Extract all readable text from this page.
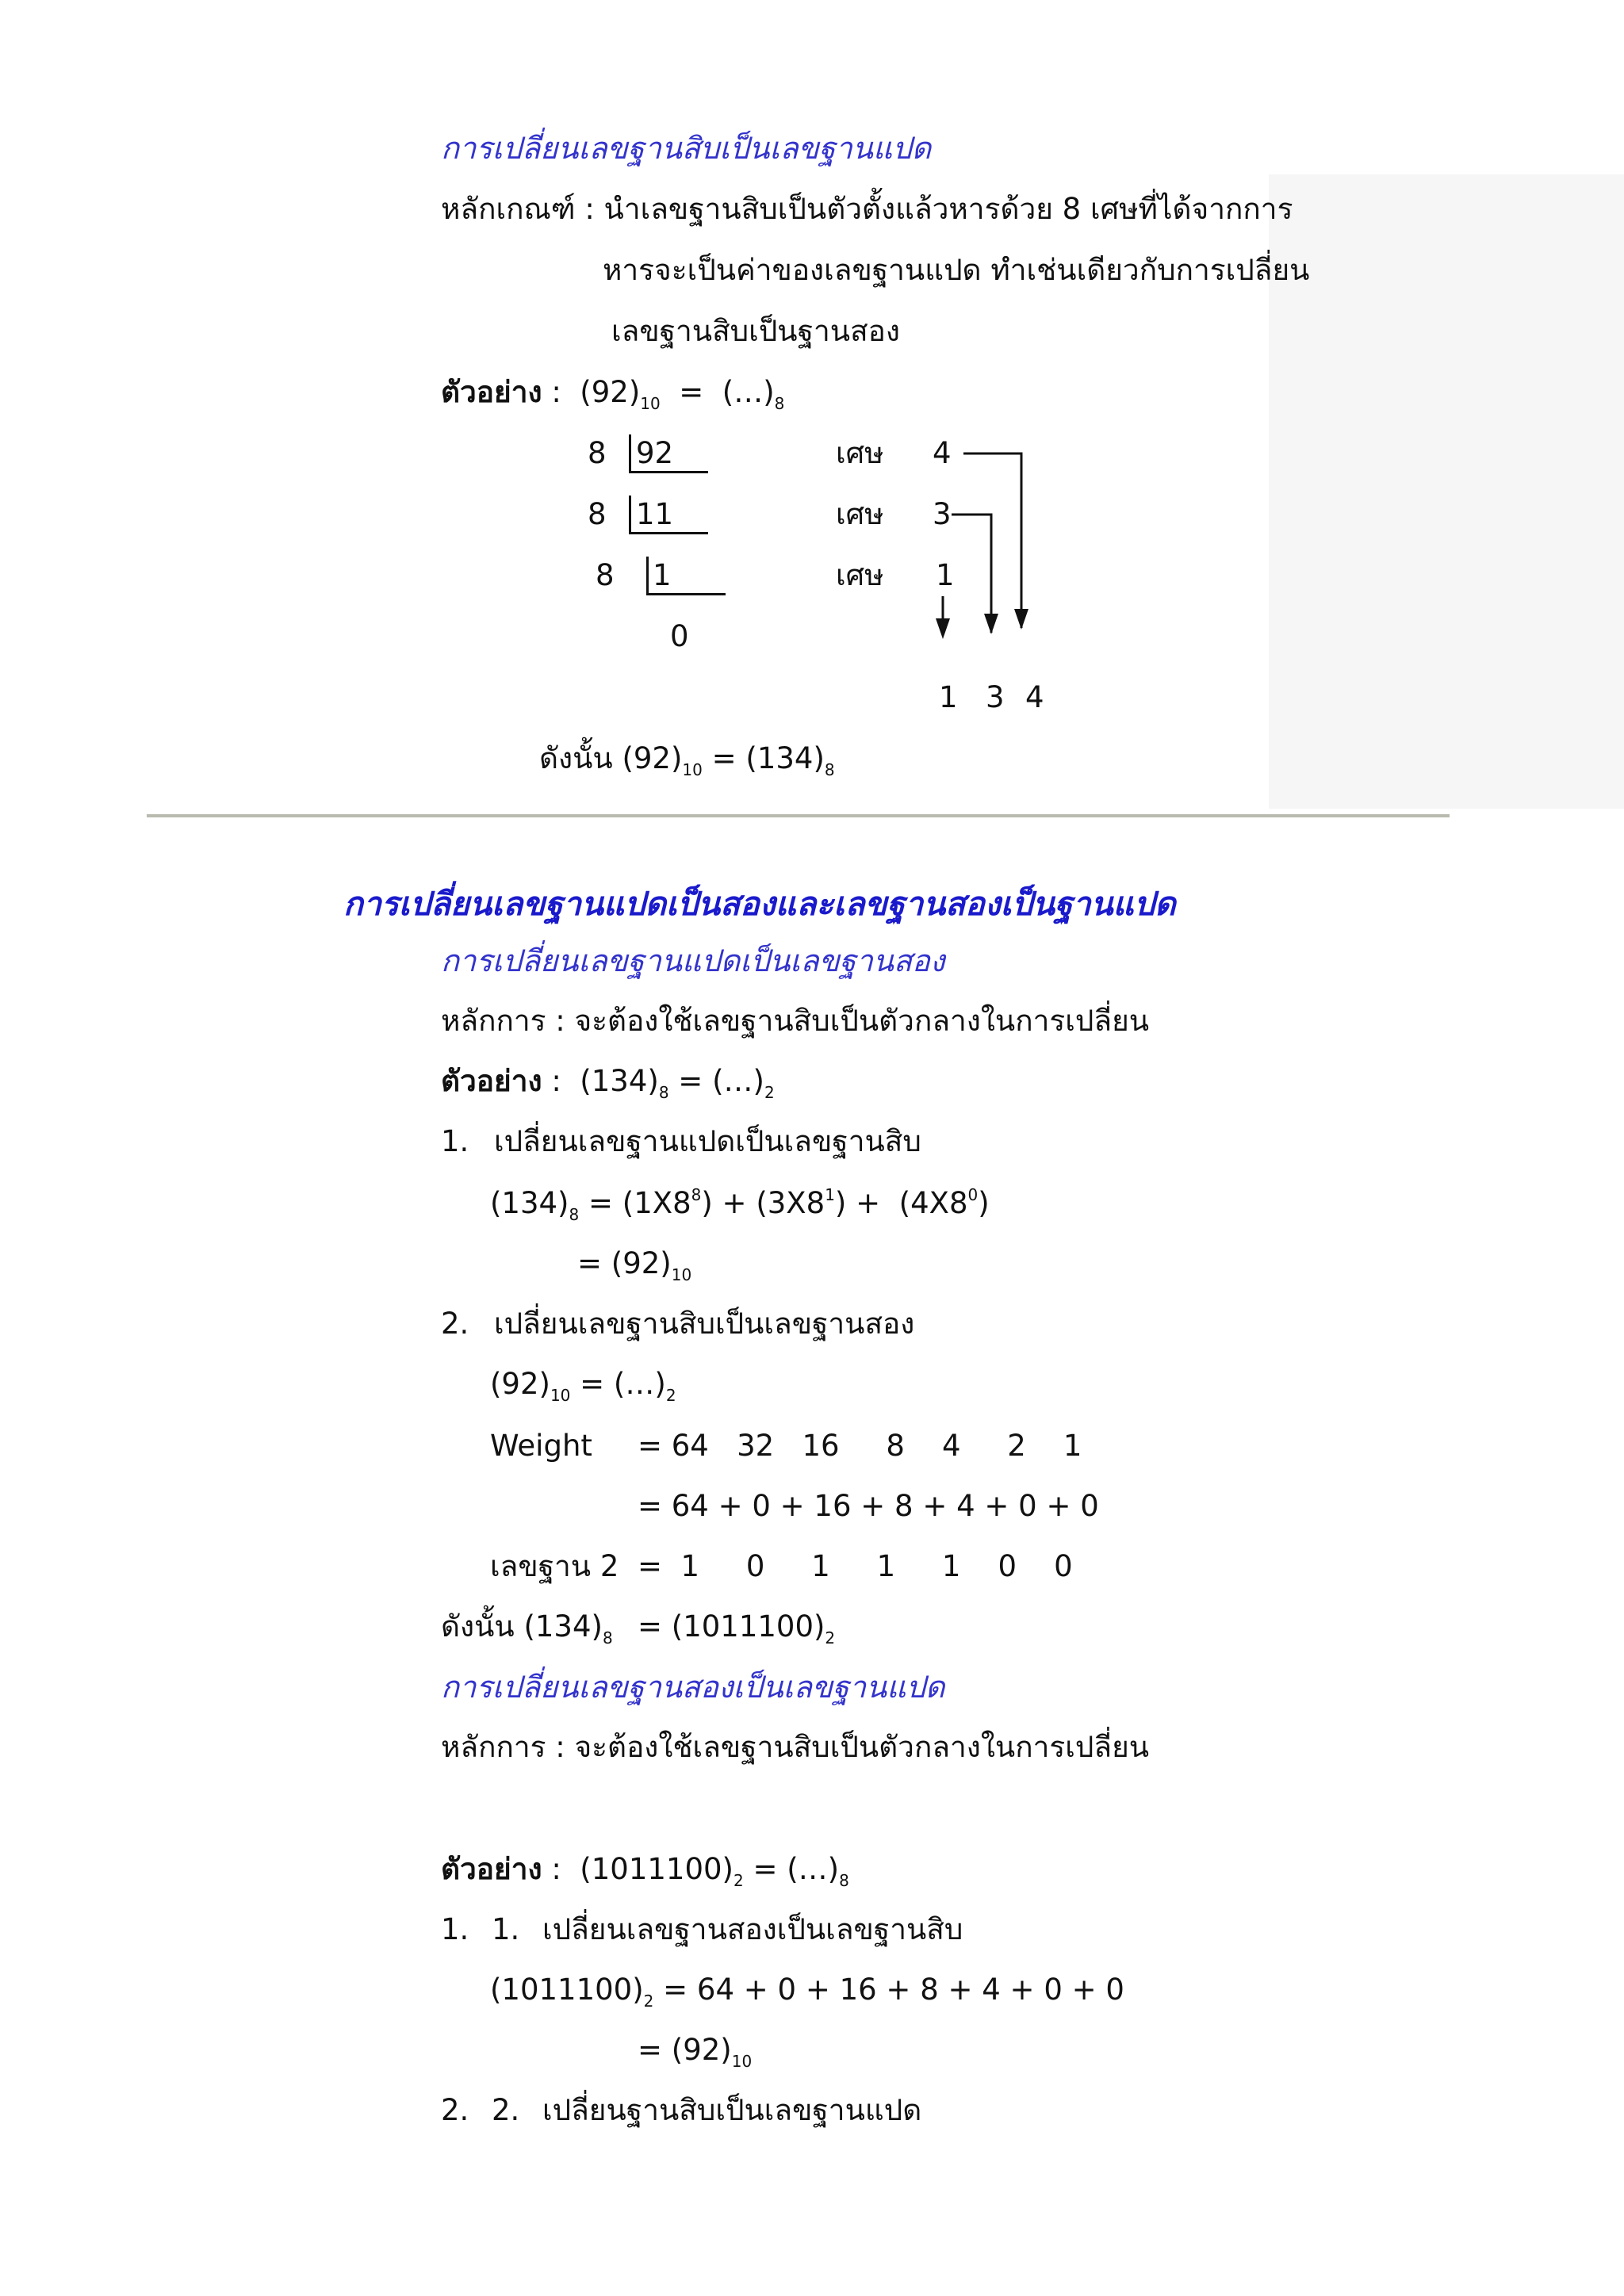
การเปลี่ยนเลขฐานสิบเป็นเลขฐานแปด
หลักเกณฑ์ : นำเลขฐานสิบเป็นตัวตั้งแล้วหารด้วย 8 เศษที่ได้จากการ
หารจะเป็นค่าของเลขฐานแปด ทำเช่นเดียวกับการเปลี่ยน
เลขฐานสิบเป็นฐานสอง
ตัวอย่าง :  $(92)_{10}$  =  $(\dots)_8$
8 92
8 11
8 1
0
เศษ
เศษ
เศษ
4
3
1
1 3 4
ดังนั้น $(92)_{10} = (134)_8$
การเปลี่ยนเลขฐานแปดเป็นสองและเลขฐานสองเป็นฐานแปด
การเปลี่ยนเลขฐานแปดเป็นเลขฐานสอง
หลักการ : จะต้องใช้เลขฐานสิบเป็นตัวกลางในการเปลี่ยน
ตัวอย่าง :  $(134)_8$ = $(\dots)_2$
1. เปลี่ยนเลขฐานแปดเป็นเลขฐานสิบ
$(134)_8 = (1X8^8) + (3X8^1) + (4X8^0)$
= $(92)_{10}$
2. เปลี่ยนเลขฐานสิบเป็นเลขฐานสอง
$(92)_{10}$ = $(\dots)_2$
Weight = 64   32   16     8    4     2    1
= 64 + 0 + 16 + 8 + 4 + 0 + 0
เลขฐาน 2 =  1     0     1     1     1    0    0
ดังนั้น $(134)_8 = (1011100)_2$
การเปลี่ยนเลขฐานสองเป็นเลขฐานแปด
หลักการ : จะต้องใช้เลขฐานสิบเป็นตัวกลางในการเปลี่ยน
ตัวอย่าง :  $(1011100)_2$ = $(\dots)_8$
1. 1. เปลี่ยนเลขฐานสองเป็นเลขฐานสิบ
$(1011100)_2 = 64 + 0 + 16 + 8 + 4 + 0 + 0$
= $(92)_{10}$
2. 2. เปลี่ยนฐานสิบเป็นเลขฐานแปด
